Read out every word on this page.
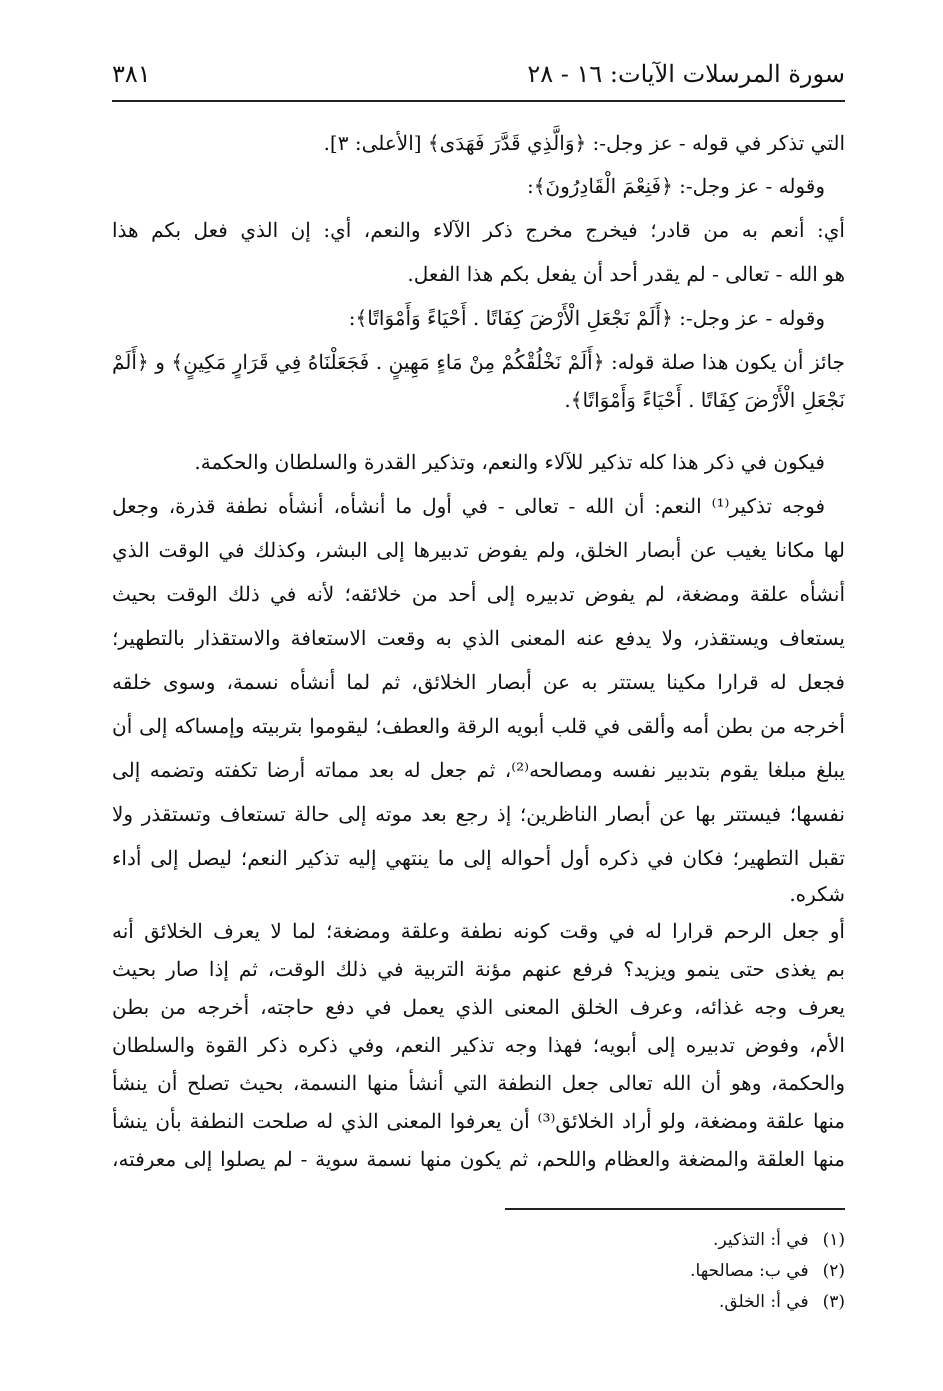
سورة المرسلات الآيات: ١٦ - ٢٨
٣٨١
التي تذكر في قوله - عز وجل-: ﴿وَالَّذِي قَدَّرَ فَهَدَى﴾ [الأعلى: ٣].
وقوله - عز وجل-: ﴿فَنِعْمَ الْقَادِرُونَ﴾:
أي: أنعم به من قادر؛ فيخرج مخرج ذكر الآلاء والنعم، أي: إن الذي فعل بكم هذا
هو الله - تعالى - لم يقدر أحد أن يفعل بكم هذا الفعل.
وقوله - عز وجل-: ﴿أَلَمْ نَجْعَلِ الْأَرْضَ كِفَاتًا . أَحْيَاءً وَأَمْوَاتًا﴾:
جائز أن يكون هذا صلة قوله: ﴿أَلَمْ نَخْلُقْكُمْ مِنْ مَاءٍ مَهِينٍ . فَجَعَلْنَاهُ فِي قَرَارٍ مَكِينٍ﴾ و ﴿أَلَمْ
نَجْعَلِ الْأَرْضَ كِفَاتًا . أَحْيَاءً وَأَمْوَاتًا﴾.
فيكون في ذكر هذا كله تذكير للآلاء والنعم، وتذكير القدرة والسلطان والحكمة.
فوجه تذكير⁽¹⁾ النعم: أن الله - تعالى - في أول ما أنشأه، أنشأه نطفة قذرة، وجعل
لها مكانا يغيب عن أبصار الخلق، ولم يفوض تدبيرها إلى البشر، وكذلك في الوقت الذي
أنشأه علقة ومضغة، لم يفوض تدبيره إلى أحد من خلائقه؛ لأنه في ذلك الوقت بحيث
يستعاف ويستقذر، ولا يدفع عنه المعنى الذي به وقعت الاستعافة والاستقذار بالتطهير؛
فجعل له قرارا مكينا يستتر به عن أبصار الخلائق، ثم لما أنشأه نسمة، وسوى خلقه
أخرجه من بطن أمه وألقى في قلب أبويه الرقة والعطف؛ ليقوموا بتربيته وإمساكه إلى أن
يبلغ مبلغا يقوم بتدبير نفسه ومصالحه⁽²⁾، ثم جعل له بعد مماته أرضا تكفته وتضمه إلى
نفسها؛ فيستتر بها عن أبصار الناظرين؛ إذ رجع بعد موته إلى حالة تستعاف وتستقذر ولا
تقبل التطهير؛ فكان في ذكره أول أحواله إلى ما ينتهي إليه تذكير النعم؛ ليصل إلى أداء
شكره.
أو جعل الرحم قرارا له في وقت كونه نطفة وعلقة ومضغة؛ لما لا يعرف الخلائق أنه
بم يغذى حتى ينمو ويزيد؟ فرفع عنهم مؤنة التربية في ذلك الوقت، ثم إذا صار بحيث
يعرف وجه غذائه، وعرف الخلق المعنى الذي يعمل في دفع حاجته، أخرجه من بطن
الأم، وفوض تدبيره إلى أبويه؛ فهذا وجه تذكير النعم، وفي ذكره ذكر القوة والسلطان
والحكمة، وهو أن الله تعالى جعل النطفة التي أنشأ منها النسمة، بحيث تصلح أن ينشأ
منها علقة ومضغة، ولو أراد الخلائق⁽³⁾ أن يعرفوا المعنى الذي له صلحت النطفة بأن ينشأ
(١)في أ: التذكير.
(٢)في ب: مصالحها.
(٣)في أ: الخلق.
منها العلقة والمضغة والعظام واللحم، ثم يكون منها نسمة سوية - لم يصلوا إلى معرفته،
